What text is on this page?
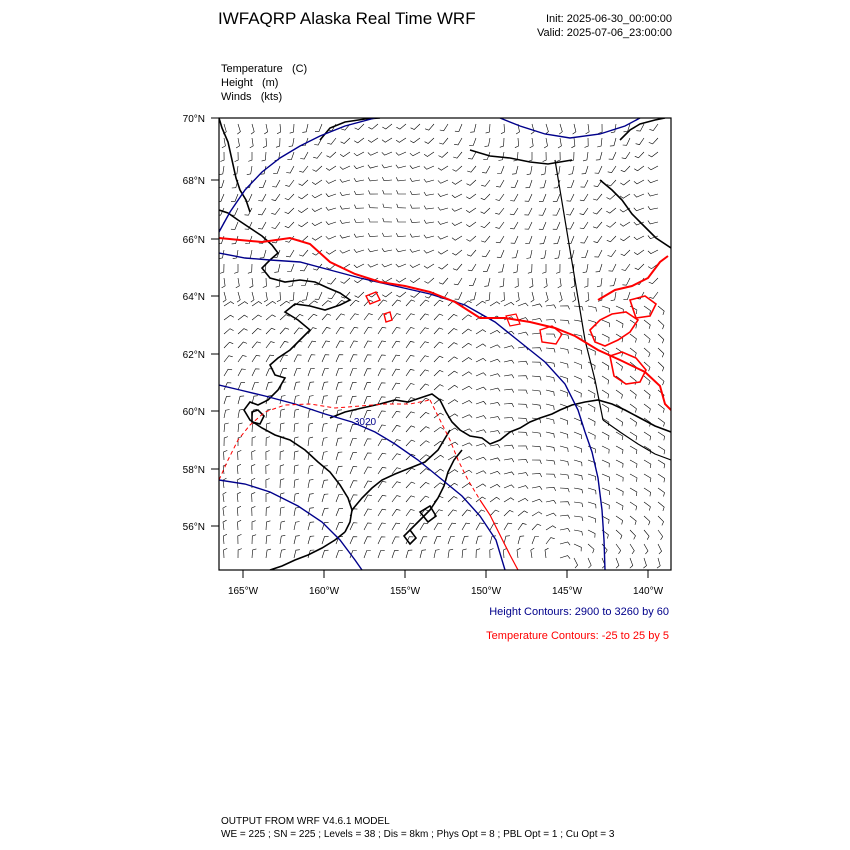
IWFAQRP Alaska Real Time WRF	Init: 2025-06-30_00:00:00
Valid: 2025-07-06_23:00:00
Temperature (C)
Height (m)
Winds (kts)
3020
70°N
68°N
66°N
64°N
62°N
60°N
58°N
56°N
165°W	160°W	155°W	150°W	145°W	140°W
Height Contours: 2900 to 3260 by 60
Temperature Contours: -25 to 25 by 5
OUTPUT FROM WRF V4.6.1 MODEL
WE = 225 ; SN = 225 ; Levels = 38 ; Dis = 8km ; Phys Opt = 8 ; PBL Opt = 1 ; Cu Opt = 3
